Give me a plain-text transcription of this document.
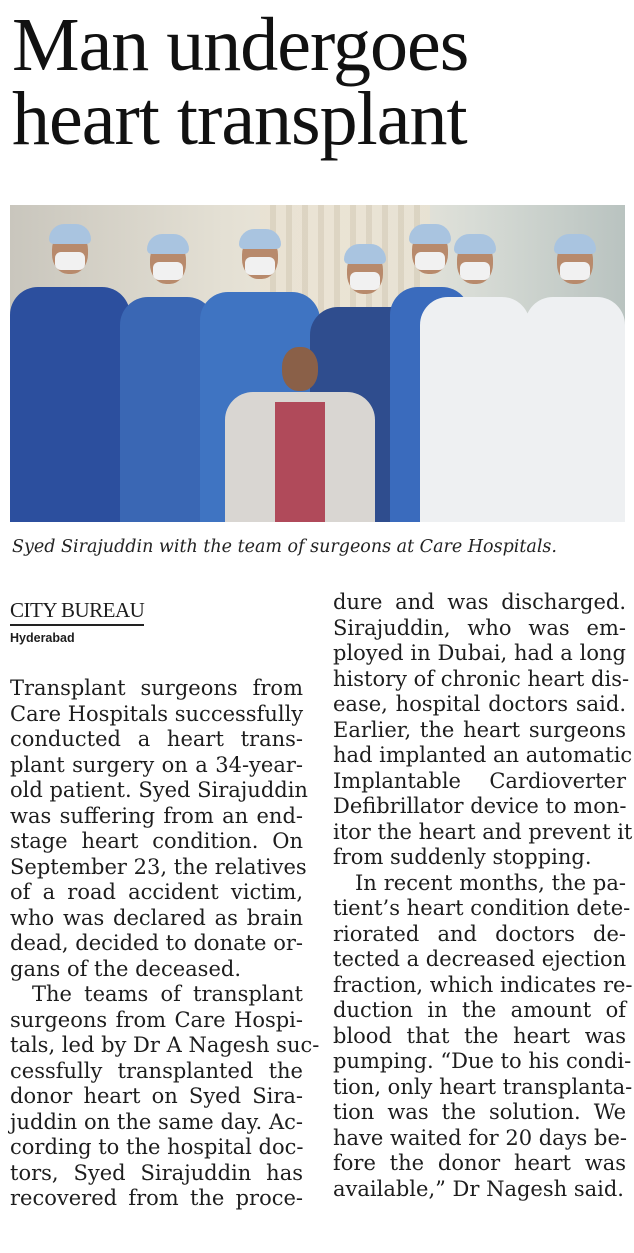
Man undergoes
heart transplant
Syed Sirajuddin with the team of surgeons at Care Hospitals.
CITY BUREAU
Hyderabad
Transplant surgeons from
Care Hospitals successfully
conducted a heart trans-
plant surgery on a 34-year-
old patient. Syed Sirajuddin
was suffering from an end-
stage heart condition. On
September 23, the relatives
of a road accident victim,
who was declared as brain
dead, decided to donate or-
gans of the deceased.
The teams of transplant
surgeons from Care Hospi-
tals, led by Dr A Nagesh suc-
cessfully transplanted the
donor heart on Syed Sira-
juddin on the same day. Ac-
cording to the hospital doc-
tors, Syed Sirajuddin has
recovered from the proce-
dure and was discharged.
Sirajuddin, who was em-
ployed in Dubai, had a long
history of chronic heart dis-
ease, hospital doctors said.
Earlier, the heart surgeons
had implanted an automatic
Implantable Cardioverter
Defibrillator device to mon-
itor the heart and prevent it
from suddenly stopping.
In recent months, the pa-
tient’s heart condition dete-
riorated and doctors de-
tected a decreased ejection
fraction, which indicates re-
duction in the amount of
blood that the heart was
pumping. “Due to his condi-
tion, only heart transplanta-
tion was the solution. We
have waited for 20 days be-
fore the donor heart was
available,” Dr Nagesh said.
